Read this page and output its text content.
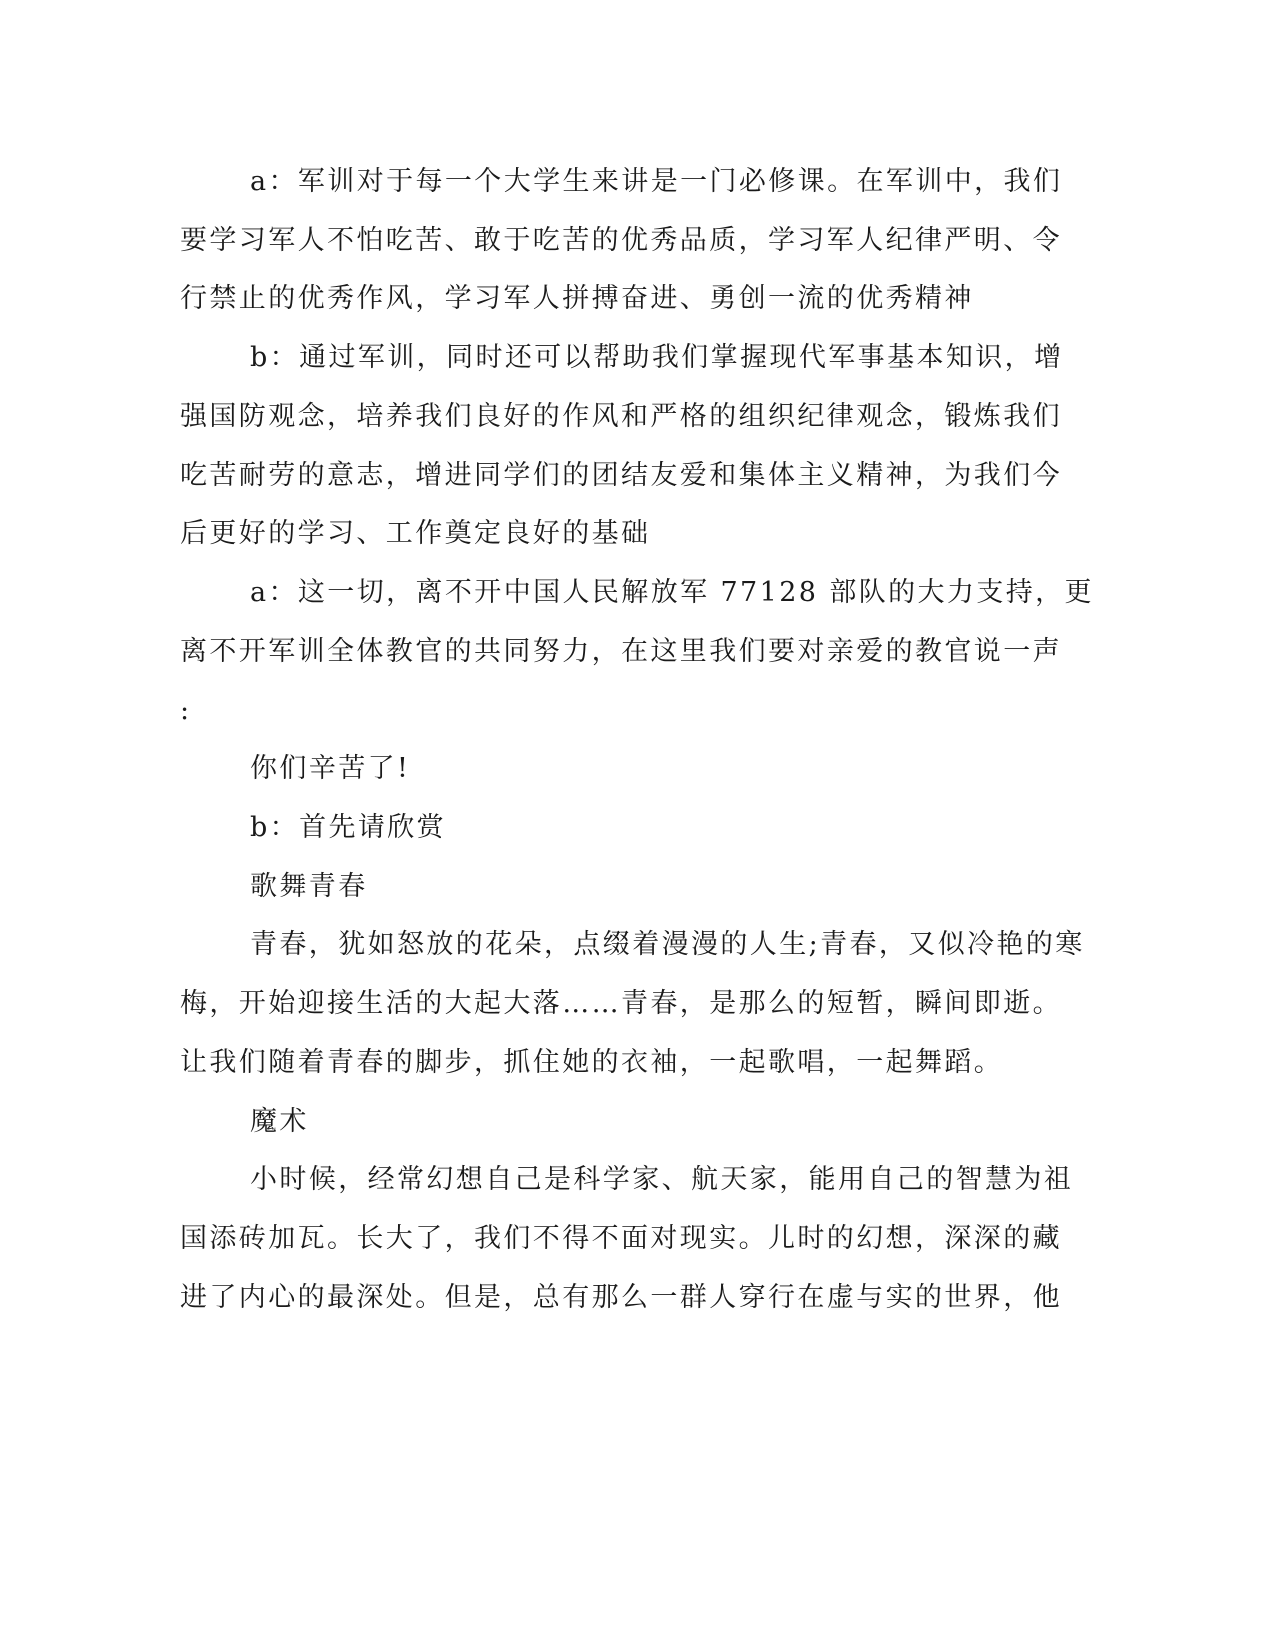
a：军训对于每一个大学生来讲是一门必修课。在军训中，我们
要学习军人不怕吃苦、敢于吃苦的优秀品质，学习军人纪律严明、令
行禁止的优秀作风，学习军人拼搏奋进、勇创一流的优秀精神
b：通过军训，同时还可以帮助我们掌握现代军事基本知识，增
强国防观念，培养我们良好的作风和严格的组织纪律观念，锻炼我们
吃苦耐劳的意志，增进同学们的团结友爱和集体主义精神，为我们今
后更好的学习、工作奠定良好的基础
a：这一切，离不开中国人民解放军 77128 部队的大力支持，更
离不开军训全体教官的共同努力，在这里我们要对亲爱的教官说一声
:
你们辛苦了!
b：首先请欣赏
歌舞青春
青春，犹如怒放的花朵，点缀着漫漫的人生;青春，又似冷艳的寒
梅，开始迎接生活的大起大落……青春，是那么的短暂，瞬间即逝。
让我们随着青春的脚步，抓住她的衣袖，一起歌唱，一起舞蹈。
魔术
小时候，经常幻想自己是科学家、航天家，能用自己的智慧为祖
国添砖加瓦。长大了，我们不得不面对现实。儿时的幻想，深深的藏
进了内心的最深处。但是，总有那么一群人穿行在虚与实的世界，他
